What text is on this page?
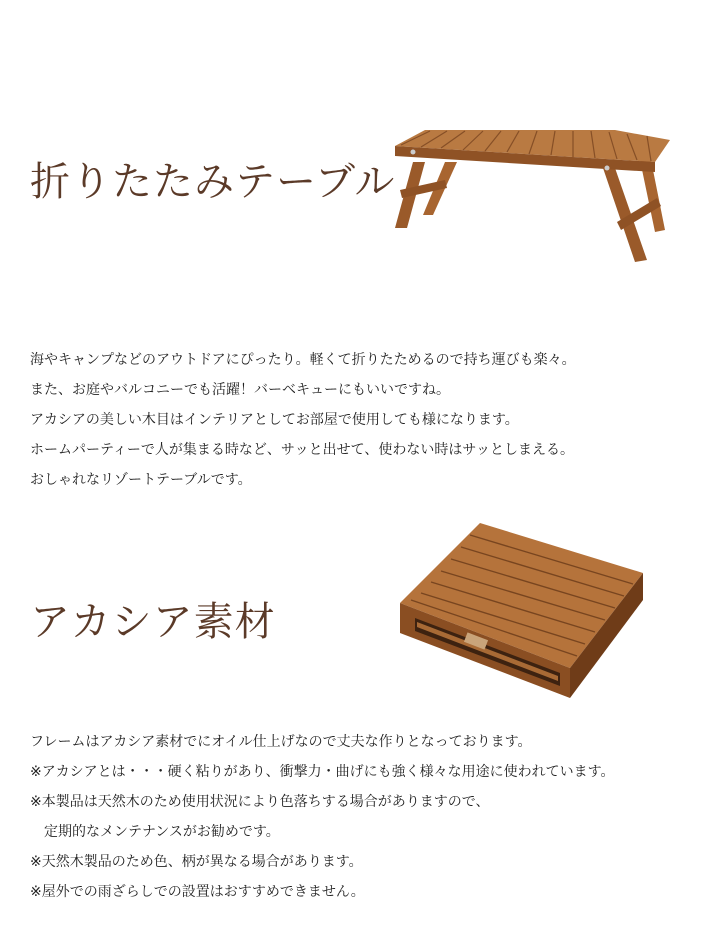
折りたたみテーブル
海やキャンプなどのアウトドアにぴったり。軽くて折りたためるので持ち運びも楽々。
また、お庭やバルコニーでも活躍！バーベキューにもいいですね。
アカシアの美しい木目はインテリアとしてお部屋で使用しても様になります。
ホームパーティーで人が集まる時など、サッと出せて、使わない時はサッとしまえる。
おしゃれなリゾートテーブルです。
アカシア素材
フレームはアカシア素材でにオイル仕上げなので丈夫な作りとなっております。
※アカシアとは・・・硬く粘りがあり、衝撃力・曲げにも強く様々な用途に使われています。
※本製品は天然木のため使用状況により色落ちする場合がありますので、
定期的なメンテナンスがお勧めです。
※天然木製品のため色、柄が異なる場合があります。
※屋外での雨ざらしでの設置はおすすめできません。
